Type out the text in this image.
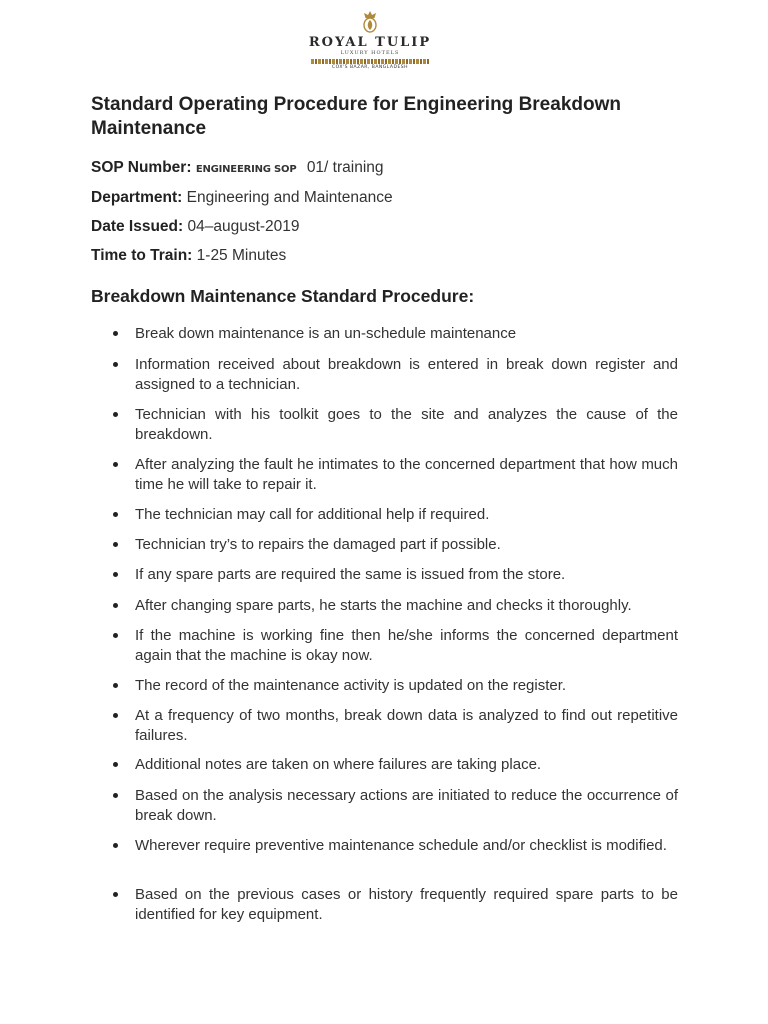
ROYAL TULIP
LUXURY HOTELS
COX'S BAZAR, BANGLADESH
Standard Operating Procedure for Engineering Breakdown Maintenance

SOP Number: ENGINEERING SOP 01/ training

Department: Engineering and Maintenance

Date Issued: 04–august-2019

Time to Train: 1-25 Minutes

Breakdown Maintenance Standard Procedure:
Break down maintenance is an un-schedule maintenance
Information received about breakdown is entered in break down register and assigned to a technician.
Technician with his toolkit goes to the site and analyzes the cause of the breakdown.
After analyzing the fault he intimates to the concerned department that how much time he will take to repair it.
The technician may call for additional help if required.
Technician try’s to repairs the damaged part if possible.
If any spare parts are required the same is issued from the store.
After changing spare parts, he starts the machine and checks it thoroughly.
If the machine is working fine then he/she informs the concerned department again that the machine is okay now.
The record of the maintenance activity is updated on the register.
At a frequency of two months, break down data is analyzed to find out repetitive failures.
Additional notes are taken on where failures are taking place.
Based on the analysis necessary actions are initiated to reduce the occurrence of break down.
Wherever require preventive maintenance schedule and/or checklist is modified.
Based on the previous cases or history frequently required spare parts to be identified for key equipment.
